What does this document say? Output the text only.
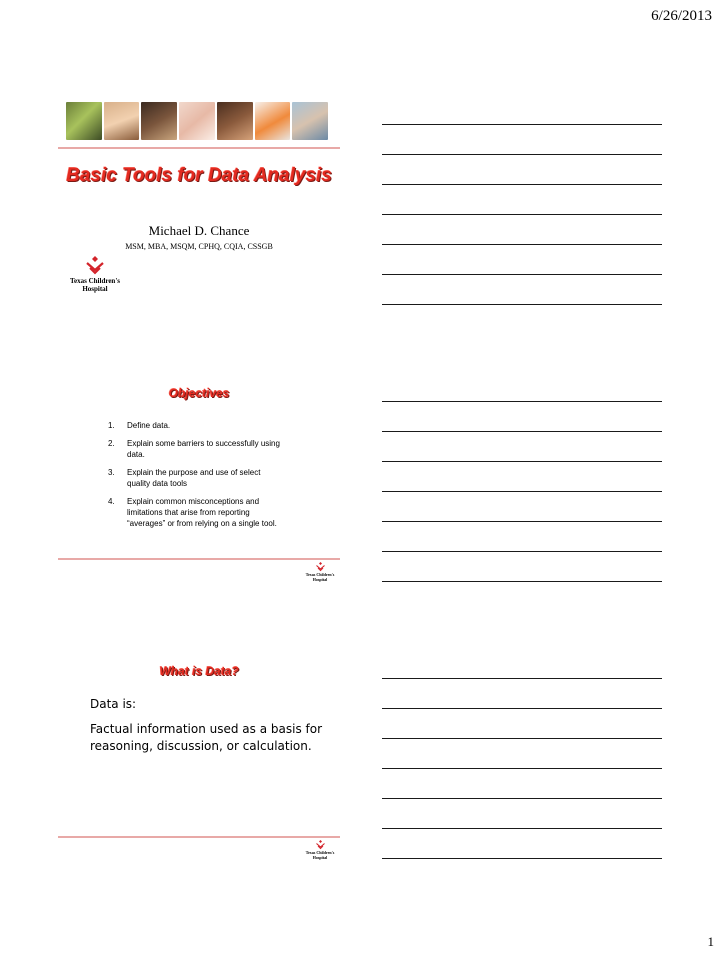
6/26/2013
Basic Tools for Data Analysis
Michael D. Chance
MSM, MBA, MSQM, CPHQ, CQIA, CSSGB
Texas Children's
Hospital
Objectives
1. Define data.
2. Explain some barriers to successfully using data.
3. Explain the purpose and use of select quality data tools
4. Explain common misconceptions and limitations that arise from reporting “averages” or from relying on a single tool.
Texas Children's
Hospital
What is Data?
Data is:
Factual information used as a basis for reasoning, discussion, or calculation.
Texas Children's
Hospital
1
